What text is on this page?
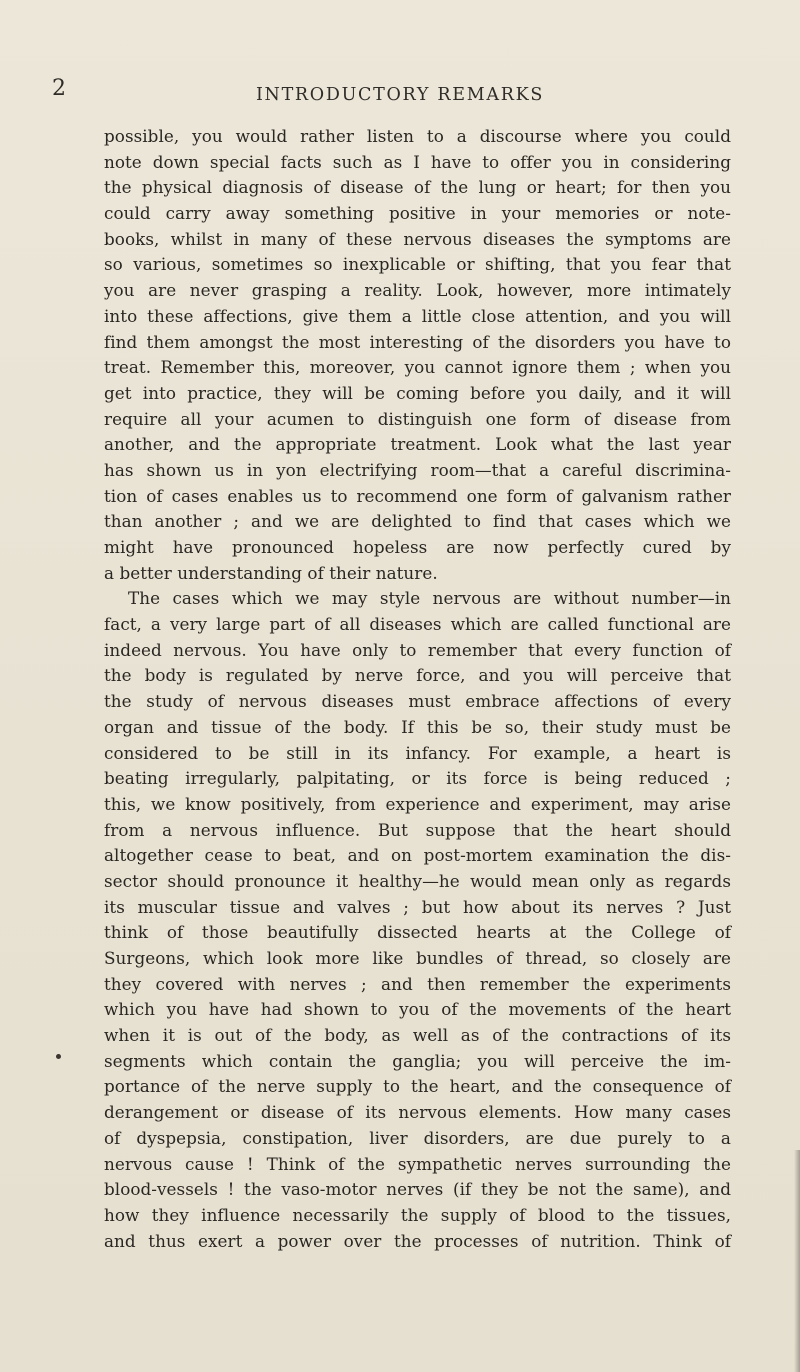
2	INTRODUCTORY REMARKS
possible, you would rather listen to a discourse where you could
note down special facts such as I have to offer you in considering
the physical diagnosis of disease of the lung or heart; for then you
could carry away something positive in your memories or note-
books, whilst in many of these nervous diseases the symptoms are
so various, sometimes so inexplicable or shifting, that you fear that
you are never grasping a reality. Look, however, more intimately
into these affections, give them a little close attention, and you will
find them amongst the most interesting of the disorders you have to
treat. Remember this, moreover, you cannot ignore them ; when you
get into practice, they will be coming before you daily, and it will
require all your acumen to distinguish one form of disease from
another, and the appropriate treatment. Look what the last year
has shown us in yon electrifying room—that a careful discrimina-
tion of cases enables us to recommend one form of galvanism rather
than another ; and we are delighted to find that cases which we
might have pronounced hopeless are now perfectly cured by
a better understanding of their nature.
The cases which we may style nervous are without number—in
fact, a very large part of all diseases which are called functional are
indeed nervous. You have only to remember that every function of
the body is regulated by nerve force, and you will perceive that
the study of nervous diseases must embrace affections of every
organ and tissue of the body. If this be so, their study must be
considered to be still in its infancy. For example, a heart is
beating irregularly, palpitating, or its force is being reduced ;
this, we know positively, from experience and experiment, may arise
from a nervous influence. But suppose that the heart should
altogether cease to beat, and on post-mortem examination the dis-
sector should pronounce it healthy—he would mean only as regards
its muscular tissue and valves ; but how about its nerves ? Just
think of those beautifully dissected hearts at the College of
Surgeons, which look more like bundles of thread, so closely are
they covered with nerves ; and then remember the experiments
which you have had shown to you of the movements of the heart
when it is out of the body, as well as of the contractions of its
segments which contain the ganglia; you will perceive the im-
portance of the nerve supply to the heart, and the consequence of
derangement or disease of its nervous elements. How many cases
of dyspepsia, constipation, liver disorders, are due purely to a
nervous cause ! Think of the sympathetic nerves surrounding the
blood-vessels ! the vaso-motor nerves (if they be not the same), and
how they influence necessarily the supply of blood to the tissues,
and thus exert a power over the processes of nutrition. Think of
